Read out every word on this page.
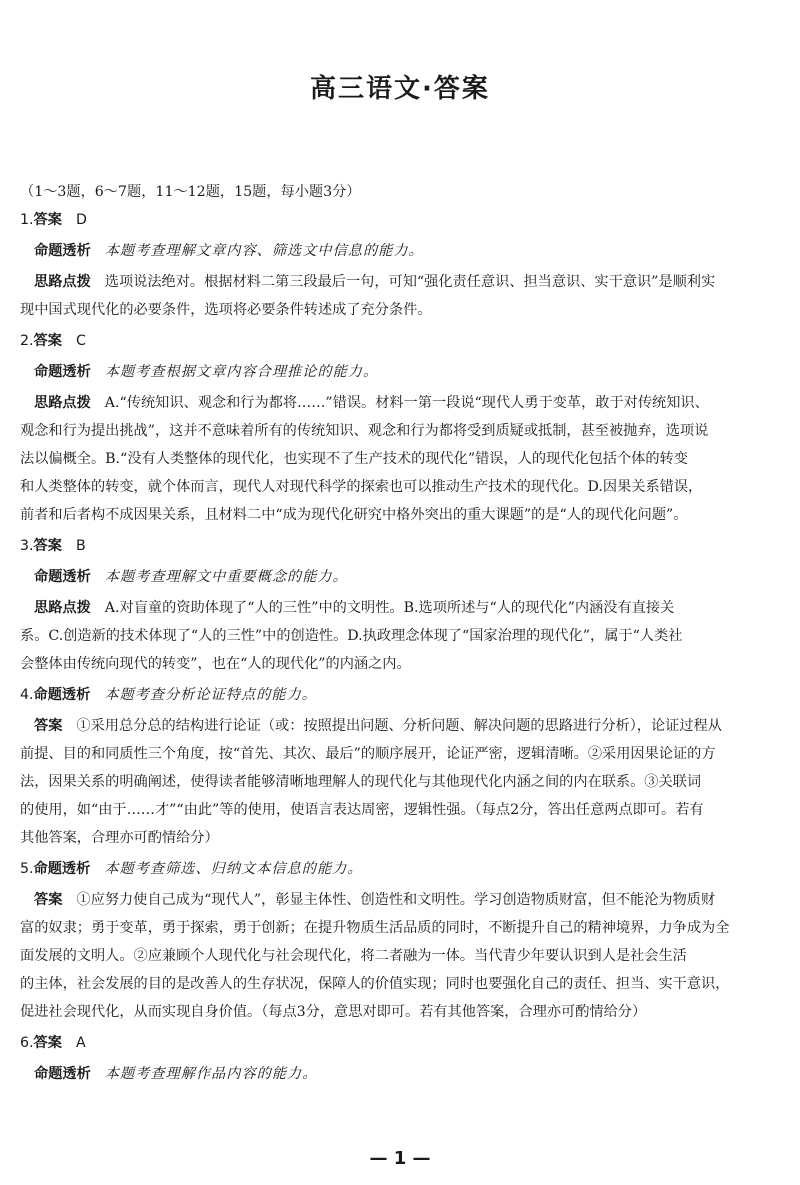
高三语文·答案

（1～3题，6～7题，11～12题，15题，每小题3分）

1.答案 D

命题透析 本题考查理解文章内容、筛选文中信息的能力。

思路点拨 选项说法绝对。根据材料二第三段最后一句，可知“强化责任意识、担当意识、实干意识”是顺利实

现中国式现代化的必要条件，选项将必要条件转述成了充分条件。

2.答案 C

命题透析 本题考查根据文章内容合理推论的能力。

思路点拨 A.“传统知识、观念和行为都将……”错误。材料一第一段说“现代人勇于变革，敢于对传统知识、

观念和行为提出挑战”，这并不意味着所有的传统知识、观念和行为都将受到质疑或抵制，甚至被抛弃，选项说

法以偏概全。B.“没有人类整体的现代化，也实现不了生产技术的现代化”错误，人的现代化包括个体的转变

和人类整体的转变，就个体而言，现代人对现代科学的探索也可以推动生产技术的现代化。D.因果关系错误，

前者和后者构不成因果关系，且材料二中“成为现代化研究中格外突出的重大课题”的是“人的现代化问题”。

3.答案 B

命题透析 本题考查理解文中重要概念的能力。

思路点拨 A.对盲童的资助体现了“人的三性”中的文明性。B.选项所述与“人的现代化”内涵没有直接关

系。C.创造新的技术体现了“人的三性”中的创造性。D.执政理念体现了“国家治理的现代化”，属于“人类社

会整体由传统向现代的转变”，也在“人的现代化”的内涵之内。

4.命题透析 本题考查分析论证特点的能力。

答案 ①采用总分总的结构进行论证（或：按照提出问题、分析问题、解决问题的思路进行分析），论证过程从

前提、目的和同质性三个角度，按“首先、其次、最后”的顺序展开，论证严密，逻辑清晰。②采用因果论证的方

法，因果关系的明确阐述，使得读者能够清晰地理解人的现代化与其他现代化内涵之间的内在联系。③关联词

的使用，如“由于……才”“由此”等的使用，使语言表达周密，逻辑性强。（每点2分，答出任意两点即可。若有

其他答案，合理亦可酌情给分）

5.命题透析 本题考查筛选、归纳文本信息的能力。

答案 ①应努力使自己成为“现代人”，彰显主体性、创造性和文明性。学习创造物质财富，但不能沦为物质财

富的奴隶；勇于变革，勇于探索，勇于创新；在提升物质生活品质的同时，不断提升自己的精神境界，力争成为全

面发展的文明人。②应兼顾个人现代化与社会现代化，将二者融为一体。当代青少年要认识到人是社会生活

的主体，社会发展的目的是改善人的生存状况，保障人的价值实现；同时也要强化自己的责任、担当、实干意识，

促进社会现代化，从而实现自身价值。（每点3分，意思对即可。若有其他答案，合理亦可酌情给分）

6.答案 A

命题透析 本题考查理解作品内容的能力。

— 1 —
